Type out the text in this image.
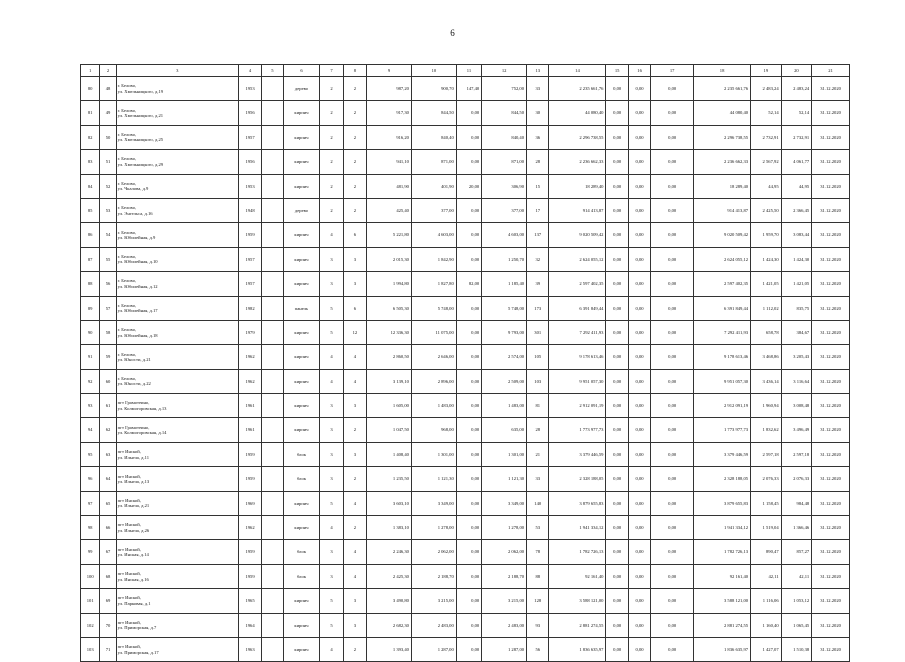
6
1	2	3	4	5	6	7	8	9	10	11	12	13	14	15	16	17	18	19	20	21
80	48	г. Белово,
ул. Хмельницкого, д.19	1953		дерево	2	2	987,20	900,70	147,40	752,00	33	2 235 661,76	0,00	0,00	0,00	2 235 661,76	2 483,24	2 483,24	31.12.2020
81	49	г. Белово,
ул. Хмельницкого, д.21	1956		кирпич	2	2	917,30	844,50	0,00	844,50	30	44 080,40	0,00	0,00	0,00	44 080,40	52,14	52,14	31.12.2020
82	50	г. Белово,
ул. Хмельницкого, д.25	1957		кирпич	2	2	916,20	840,40	0,00	840,40	36	2 296 738,55	0,00	0,00	0,00	2 296 738,55	2 732,91	2 732,91	31.12.2020
83	51	г. Белово,
ул. Хмельницкого, д.29	1956		кирпич	2	2	941,10	871,00	0,00	871,00	28	2 236 662,33	0,00	0,00	0,00	2 236 662,33	2 567,92	4 061,77	31.12.2020
84	52	г. Белово,
ул. Чкалова, д.9	1953		кирпич	2	2	481,90	401,90	20,00	306,90	15	18 289,40	0,00	0,00	0,00	18 289,40	44,95	44,95	31.12.2020
85	53	г. Белово,
ул. Энгельса, д.16	1948		дерево	2	2	425,40	377,00	0,00	377,00	17	914 413,87	0,00	0,00	0,00	914 413,87	2 425,50	2 366,45	31.12.2020
86	54	г. Белово,
ул. Юбилейная, д.9	1959		кирпич	4	6	5 221,80	4 603,00	0,00	4 603,00	137	9 020 509,42	0,00	0,00	0,00	9 020 509,42	1 959,70	3 083,44	31.12.2020
87	55	г. Белово,
ул. Юбилейная, д.10	1957		кирпич	3	3	2 015,30	1 842,90	0,00	1 250,70	32	2 624 055,12	0,00	0,00	0,00	2 624 055,12	1 424,30	1 424,30	31.12.2020
88	56	г. Белово,
ул. Юбилейная, д.12	1957		кирпич	3	3	1 994,80	1 827,80	82,00	1 185,40	39	2 597 402,35	0,00	0,00	0,00	2 597 402,35	1 421,05	1 421,05	31.12.2020
89	57	г. Белово,
ул. Юбилейная, д.17	1982		панель	5	6	6 505,30	5 748,00	0,00	5 748,00	173	6 391 849,44	0,00	0,00	0,00	6 391 849,44	1 112,02	835,75	31.12.2020
90	58	г. Белово,
ул. Юбилейная, д.18	1979		кирпич	5	12	12 336,30	11 075,00	0,00	9 793,00	301	7 292 411,93	0,00	0,00	0,00	7 292 411,93	658,78	384,67	31.12.2020
91	59	г. Белово,
ул. Юности, д.21	1962		кирпич	4	4	2 860,50	2 646,00	0,00	2 574,00	105	9 178 613,46	0,00	0,00	0,00	9 178 613,46	3 468,86	3 205,43	31.12.2020
92	60	г. Белово,
ул. Юности, д.22	1962		кирпич	4	4	3 139,10	2 896,00	0,00	2 509,00	103	9 951 057,30	0,00	0,00	0,00	9 951 057,30	3 436,14	3 116,64	31.12.2020
93	61	пгт Грамотеино,
ул. Колмогоровская, д.13	1961		кирпич	3	3	1 605,00	1 483,00	0,00	1 483,00	81	2 912 091,19	0,00	0,00	0,00	2 912 091,19	1 960,94	3 008,48	31.12.2020
94	62	пгт Грамотеино,
ул. Колмогоровская, д.14	1961		кирпич	3	2	1 047,50	968,00	0,00	635,00	28	1 773 977,73	0,00	0,00	0,00	1 773 977,73	1 832,62	3 496,49	31.12.2020
95	63	пгт Инской,
ул. Ильича, д.11	1959		блок	3	3	1 408,40	1 301,00	0,00	1 301,00	21	3 379 446,59	0,00	0,00	0,00	3 379 446,59	2 597,18	2 597,18	31.12.2020
96	64	пгт Инской,
ул. Ильича, д.13	1959		блок	3	2	1 235,50	1 121,30	0,00	1 121,30	33	2 328 188,05	0,00	0,00	0,00	2 328 188,05	2 076,33	2 076,33	31.12.2020
97	65	пгт Инской,
ул. Ильича, д.21	1969		кирпич	5	4	3 603,10	3 349,00	0,00	3 349,00	140	3 879 655,83	0,00	0,00	0,00	3 879 655,83	1 158,45	984,48	31.12.2020
98	66	пгт Инской,
ул. Ильича, д.26	1962		кирпич	4	2	1 383,10	1 278,00	0,00	1 278,00	53	1 941 334,12	0,00	0,00	0,00	1 941 334,12	1 519,04	1 366,46	31.12.2020
99	67	пгт Инской,
ул. Инская, д.14	1959		блок	3	4	2 246,30	2 062,00	0,00	2 062,00	78	1 782 726,13	0,00	0,00	0,00	1 782 726,13	890,47	857,27	31.12.2020
100	68	пгт Инской,
ул. Инская, д.16	1959		блок	3	4	2 425,30	2 188,70	0,00	2 188,70	88	92 161,40	0,00	0,00	0,00	92 161,40	42,11	42,11	31.12.2020
101	69	пгт Инской,
ул. Парковая, д.1	1965		кирпич	5	3	3 490,80	3 215,00	0,00	3 215,00	128	3 588 121,00	0,00	0,00	0,00	3 588 121,00	1 116,06	1 053,12	31.12.2020
102	70	пгт Инской,
ул. Приморская, д.7	1964		кирпич	5	3	2 682,30	2 483,00	0,00	2 483,00	93	2 881 274,55	0,00	0,00	0,00	2 881 274,55	1 160,40	1 065,45	31.12.2020
103	71	пгт Инской,
ул. Приморская, д.17	1963		кирпич	4	2	1 393,40	1 287,00	0,00	1 287,00	56	1 836 635,97	0,00	0,00	0,00	1 836 635,97	1 427,07	1 510,38	31.12.2020
